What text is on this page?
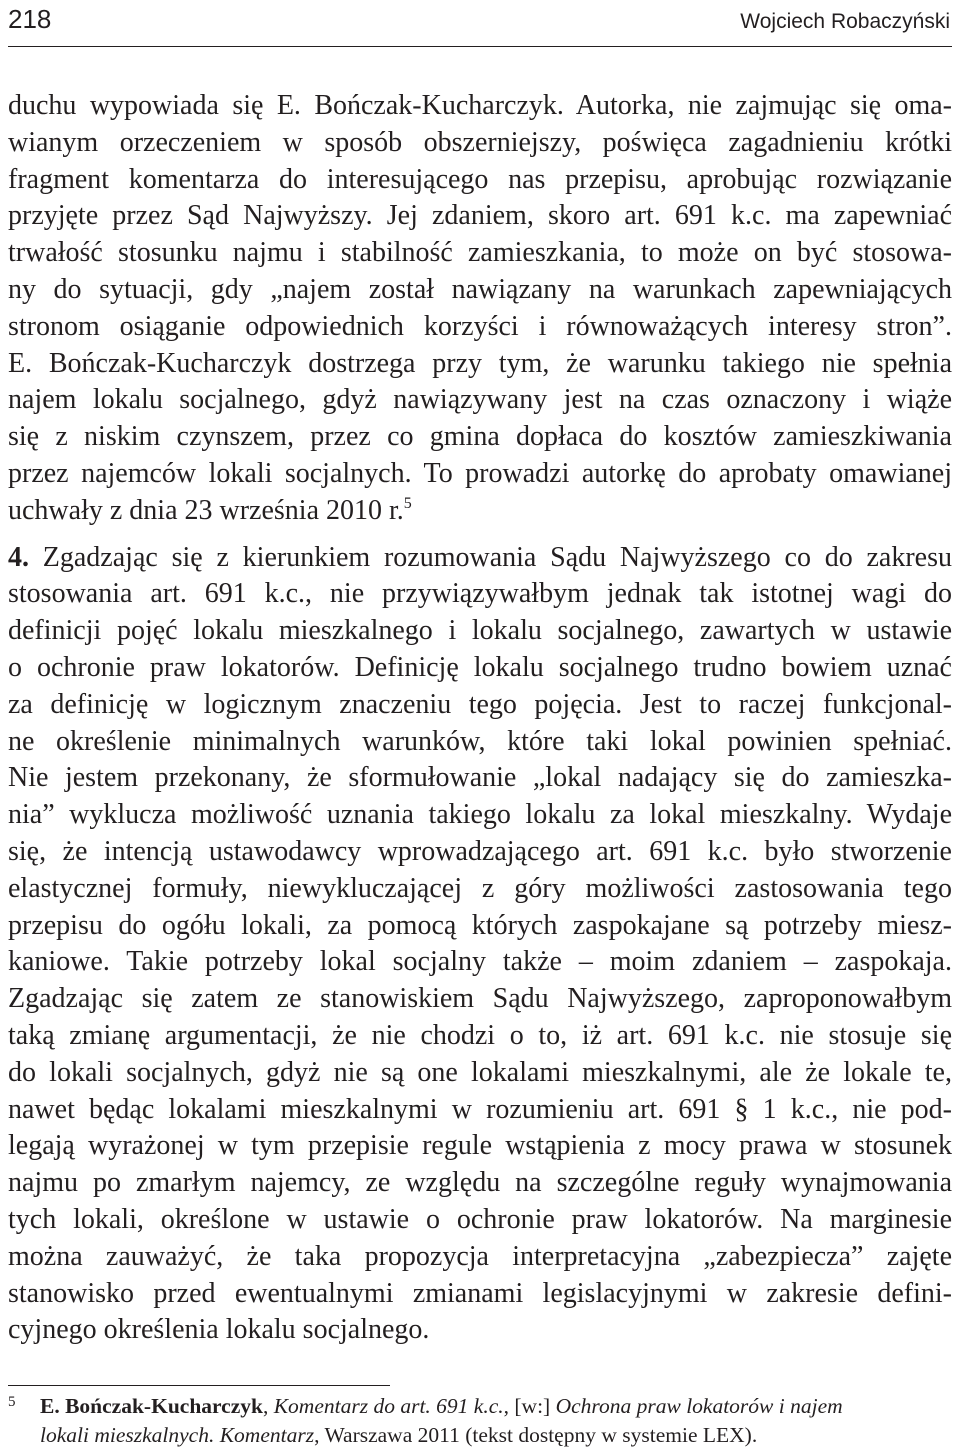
218	Wojciech Robaczyński
duchu wypowiada się E. Bończak-Kucharczyk. Autorka, nie zajmując się oma-
wianym orzeczeniem w sposób obszerniejszy, poświęca zagadnieniu krótki
fragment komentarza do interesującego nas przepisu, aprobując rozwiązanie
przyjęte przez Sąd Najwyższy. Jej zdaniem, skoro art. 691 k.c. ma zapewniać
trwałość stosunku najmu i stabilność zamieszkania, to może on być stosowa-
ny do sytuacji, gdy „najem został nawiązany na warunkach zapewniających
stronom osiąganie odpowiednich korzyści i równoważących interesy stron”.
E. Bończak-Kucharczyk dostrzega przy tym, że warunku takiego nie spełnia
najem lokalu socjalnego, gdyż nawiązywany jest na czas oznaczony i wiąże
się z niskim czynszem, przez co gmina dopłaca do kosztów zamieszkiwania
przez najemców lokali socjalnych. To prowadzi autorkę do aprobaty omawianej
uchwały z dnia 23 września 2010 r.$^5$
4. Zgadzając się z kierunkiem rozumowania Sądu Najwyższego co do zakresu
stosowania art. 691 k.c., nie przywiązywałbym jednak tak istotnej wagi do
definicji pojęć lokalu mieszkalnego i lokalu socjalnego, zawartych w ustawie
o ochronie praw lokatorów. Definicję lokalu socjalnego trudno bowiem uznać
za definicję w logicznym znaczeniu tego pojęcia. Jest to raczej funkcjonal-
ne określenie minimalnych warunków, które taki lokal powinien spełniać.
Nie jestem przekonany, że sformułowanie „lokal nadający się do zamieszka-
nia” wyklucza możliwość uznania takiego lokalu za lokal mieszkalny. Wydaje
się, że intencją ustawodawcy wprowadzającego art. 691 k.c. było stworzenie
elastycznej formuły, niewykluczającej z góry możliwości zastosowania tego
przepisu do ogółu lokali, za pomocą których zaspokajane są potrzeby miesz-
kaniowe. Takie potrzeby lokal socjalny także – moim zdaniem – zaspokaja.
Zgadzając się zatem ze stanowiskiem Sądu Najwyższego, zaproponowałbym
taką zmianę argumentacji, że nie chodzi o to, iż art. 691 k.c. nie stosuje się
do lokali socjalnych, gdyż nie są one lokalami mieszkalnymi, ale że lokale te,
nawet będąc lokalami mieszkalnymi w rozumieniu art. 691 § 1 k.c., nie pod-
legają wyrażonej w tym przepisie regule wstąpienia z mocy prawa w stosunek
najmu po zmarłym najemcy, ze względu na szczególne reguły wynajmowania
tych lokali, określone w ustawie o ochronie praw lokatorów. Na marginesie
można zauważyć, że taka propozycja interpretacyjna „zabezpiecza” zajęte
stanowisko przed ewentualnymi zmianami legislacyjnymi w zakresie defini-
cyjnego określenia lokalu socjalnego.
5	E. Bończak-Kucharczyk, Komentarz do art. 691 k.c., [w:] Ochrona praw lokatorów i najem
lokali mieszkalnych. Komentarz, Warszawa 2011 (tekst dostępny w systemie LEX).
